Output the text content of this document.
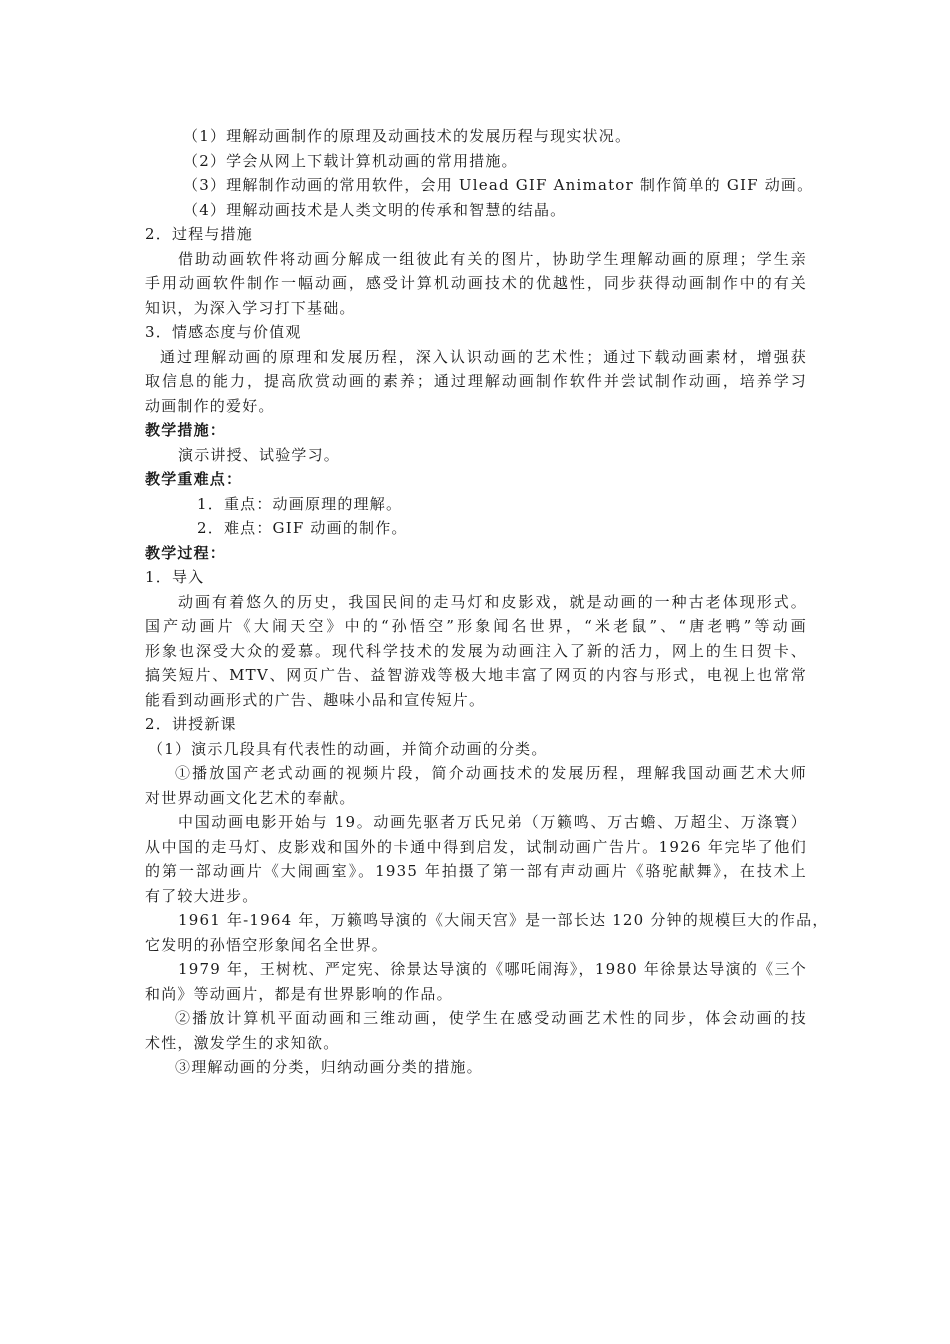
（1）理解动画制作的原理及动画技术的发展历程与现实状况。
（2）学会从网上下载计算机动画的常用措施。
（3）理解制作动画的常用软件，会用 Ulead GIF Animator 制作简单的 GIF 动画。
（4）理解动画技术是人类文明的传承和智慧的结晶。
2．过程与措施
借助动画软件将动画分解成一组彼此有关的图片，协助学生理解动画的原理；学生亲
手用动画软件制作一幅动画，感受计算机动画技术的优越性，同步获得动画制作中的有关
知识，为深入学习打下基础。
3．情感态度与价值观
通过理解动画的原理和发展历程，深入认识动画的艺术性；通过下载动画素材，增强获
取信息的能力，提高欣赏动画的素养；通过理解动画制作软件并尝试制作动画，培养学习
动画制作的爱好。
教学措施：
演示讲授、试验学习。
教学重难点：
1．重点：动画原理的理解。
2．难点：GIF 动画的制作。
教学过程：
1．导入
动画有着悠久的历史，我国民间的走马灯和皮影戏，就是动画的一种古老体现形式。
国产动画片《大闹天空》中的“孙悟空”形象闻名世界，“米老鼠”、“唐老鸭”等动画
形象也深受大众的爱慕。现代科学技术的发展为动画注入了新的活力，网上的生日贺卡、
搞笑短片、MTV、网页广告、益智游戏等极大地丰富了网页的内容与形式，电视上也常常
能看到动画形式的广告、趣味小品和宣传短片。
2．讲授新课
（1）演示几段具有代表性的动画，并简介动画的分类。
①播放国产老式动画的视频片段，简介动画技术的发展历程，理解我国动画艺术大师
对世界动画文化艺术的奉献。
中国动画电影开始与 19。动画先驱者万氏兄弟（万籁鸣、万古蟾、万超尘、万涤寰）
从中国的走马灯、皮影戏和国外的卡通中得到启发，试制动画广告片。1926 年完毕了他们
的第一部动画片《大闹画室》。1935 年拍摄了第一部有声动画片《骆驼献舞》，在技术上
有了较大进步。
1961 年-1964 年，万籁鸣导演的《大闹天宫》是一部长达 120 分钟的规模巨大的作品，
它发明的孙悟空形象闻名全世界。
1979 年，王树枕、严定宪、徐景达导演的《哪吒闹海》，1980 年徐景达导演的《三个
和尚》等动画片，都是有世界影响的作品。
②播放计算机平面动画和三维动画，使学生在感受动画艺术性的同步，体会动画的技
术性，激发学生的求知欲。
③理解动画的分类，归纳动画分类的措施。
